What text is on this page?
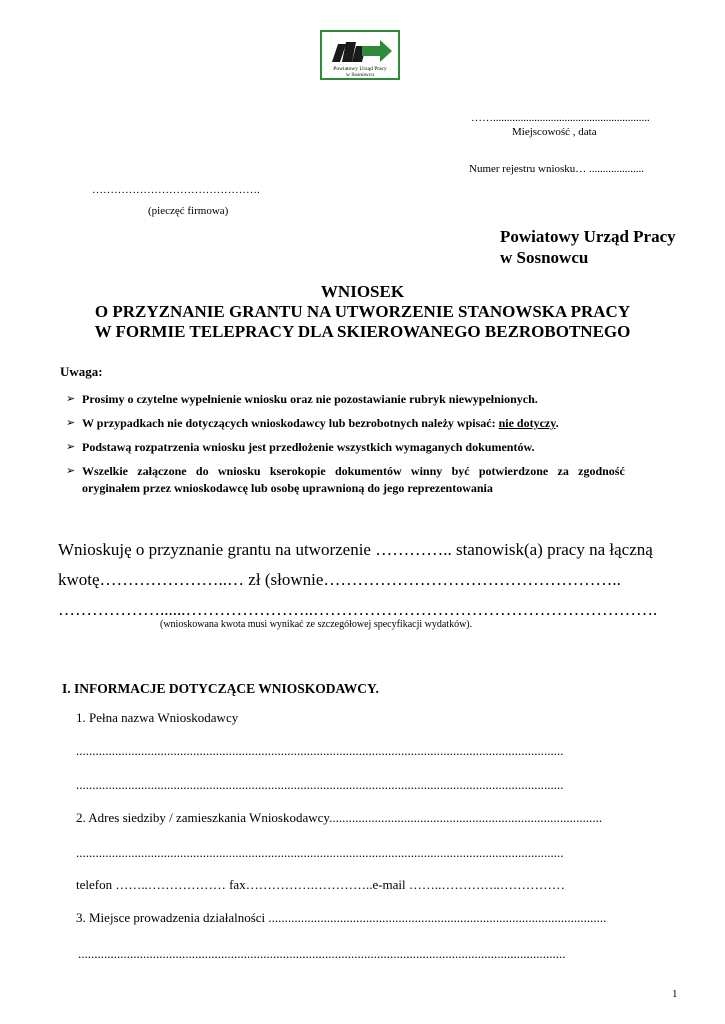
Powiatowy Urząd Pracy
w Sosnowcu
…….........................................................
Miejscowość , data
Numer rejestru wniosku… ....................
……………………………………….
(pieczęć firmowa)
Powiatowy Urząd Pracy
w Sosnowcu
WNIOSEK
O PRZYZNANIE GRANTU NA UTWORZENIE STANOWSKA PRACY
W FORMIE TELEPRACY DLA SKIEROWANEGO BEZROBOTNEGO
Uwaga:
➢ Prosimy o czytelne wypełnienie wniosku oraz nie pozostawianie rubryk niewypełnionych.
➢ W przypadkach nie dotyczących wnioskodawcy lub bezrobotnych należy wpisać: nie dotyczy.
➢ Podstawą rozpatrzenia wniosku jest przedłożenie wszystkich wymaganych dokumentów.
➢ Wszelkie załączone do wniosku kserokopie dokumentów winny być potwierdzone za zgodność
oryginałem przez wnioskodawcę lub osobę uprawnioną do jego reprezentowania
Wnioskuję o przyznanie grantu na utworzenie ………….. stanowisk(a) pracy na łączną
kwotę…………………..… zł (słownie……………………………………………..
………………......…………………..…………………………………………………….
(wnioskowana kwota musi wynikać ze szczegółowej specyfikacji wydatków).
I. INFORMACJE DOTYCZĄCE WNIOSKODAWCY.
1. Pełna nazwa Wnioskodawcy
......................................................................................................................................................
......................................................................................................................................................
2. Adres siedziby / zamieszkania Wnioskodawcy....................................................................................
......................................................................................................................................................
telefon ……..……………… fax…………….…………..e-mail ……..…………..……………
3. Miejsce prowadzenia działalności ........................................................................................................
......................................................................................................................................................
1
